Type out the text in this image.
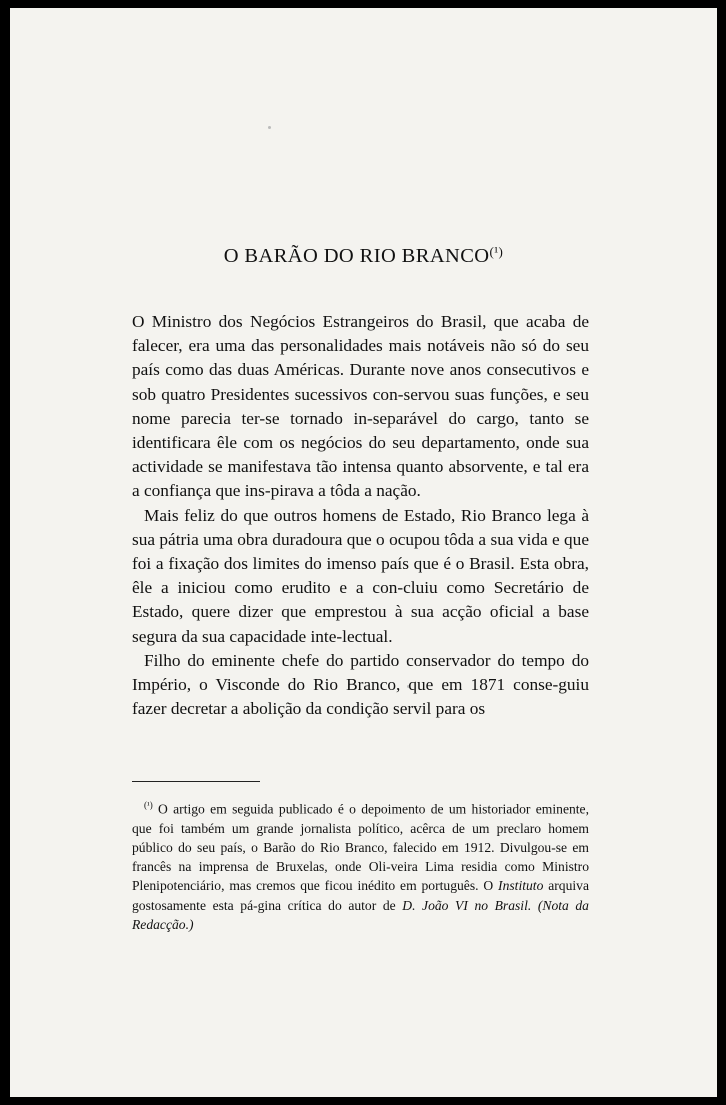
O BARÃO DO RIO $BRANCO^{(^1)}$

O Ministro dos Negócios Estrangeiros do Brasil, que acaba de falecer, era uma das personalidades mais notáveis não só do seu país como das duas Américas. Durante nove anos consecutivos e sob quatro Presidentes sucessivos con-servou suas funções, e seu nome parecia ter-se tornado in-separável do cargo, tanto se identificara êle com os negócios do seu departamento, onde sua actividade se manifestava tão intensa quanto absorvente, e tal era a confiança que ins-pirava a tôda a nação.

Mais feliz do que outros homens de Estado, Rio Branco lega à sua pátria uma obra duradoura que o ocupou tôda a sua vida e que foi a fixação dos limites do imenso país que é o Brasil. Esta obra, êle a iniciou como erudito e a con-cluiu como Secretário de Estado, quere dizer que emprestou à sua acção oficial a base segura da sua capacidade inte-lectual.

Filho do eminente chefe do partido conservador do tempo do Império, o Visconde do Rio Branco, que em 1871 conse-guiu fazer decretar a abolição da condição servil para os

$^{(^1)}$ O artigo em seguida publicado é o depoimento de um historiador eminente, que foi também um grande jornalista político, acêrca de um preclaro homem público do seu país, o Barão do Rio Branco, falecido em 1912. Divulgou-se em francês na imprensa de Bruxelas, onde Oli-veira Lima residia como Ministro Plenipotenciário, mas cremos que ficou inédito em português. O Instituto arquiva gostosamente esta pá-gina crítica do autor de D. João VI no Brasil. (Nota da Redacção.)
